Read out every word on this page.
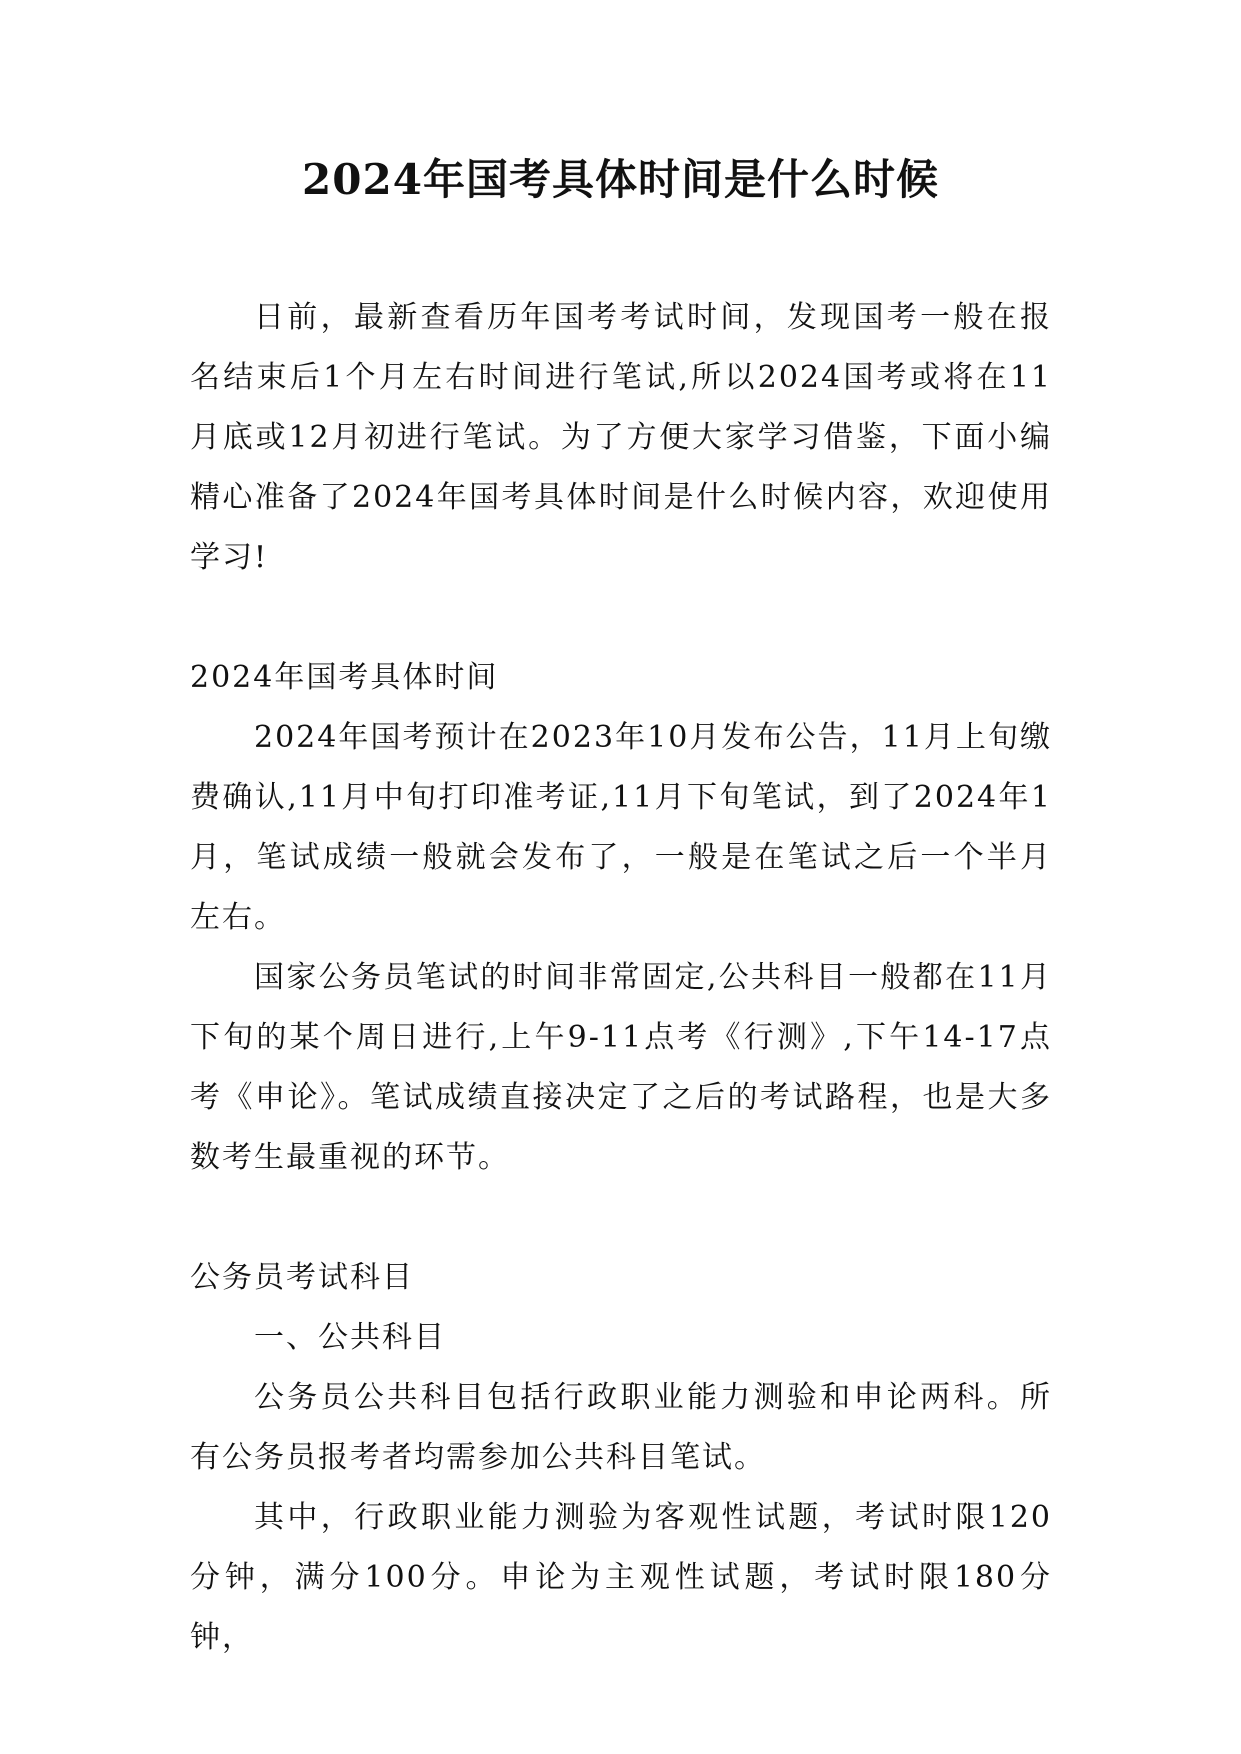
2024年国考具体时间是什么时候

日前，最新查看历年国考考试时间，发现国考一般在报名结束后1个月左右时间进行笔试,所以2024国考或将在11月底或12月初进行笔试。为了方便大家学习借鉴，下面小编精心准备了2024年国考具体时间是什么时候内容，欢迎使用学习!

2024年国考具体时间

2024年国考预计在2023年10月发布公告，11月上旬缴费确认,11月中旬打印准考证,11月下旬笔试，到了2024年1月，笔试成绩一般就会发布了，一般是在笔试之后一个半月左右。

国家公务员笔试的时间非常固定,公共科目一般都在11月下旬的某个周日进行,上午9-11点考《行测》,下午14-17点考《申论》。笔试成绩直接决定了之后的考试路程，也是大多数考生最重视的环节。

公务员考试科目

一、公共科目

公务员公共科目包括行政职业能力测验和申论两科。所有公务员报考者均需参加公共科目笔试。

其中，行政职业能力测验为客观性试题，考试时限120分钟，满分100分。申论为主观性试题，考试时限180分钟，
